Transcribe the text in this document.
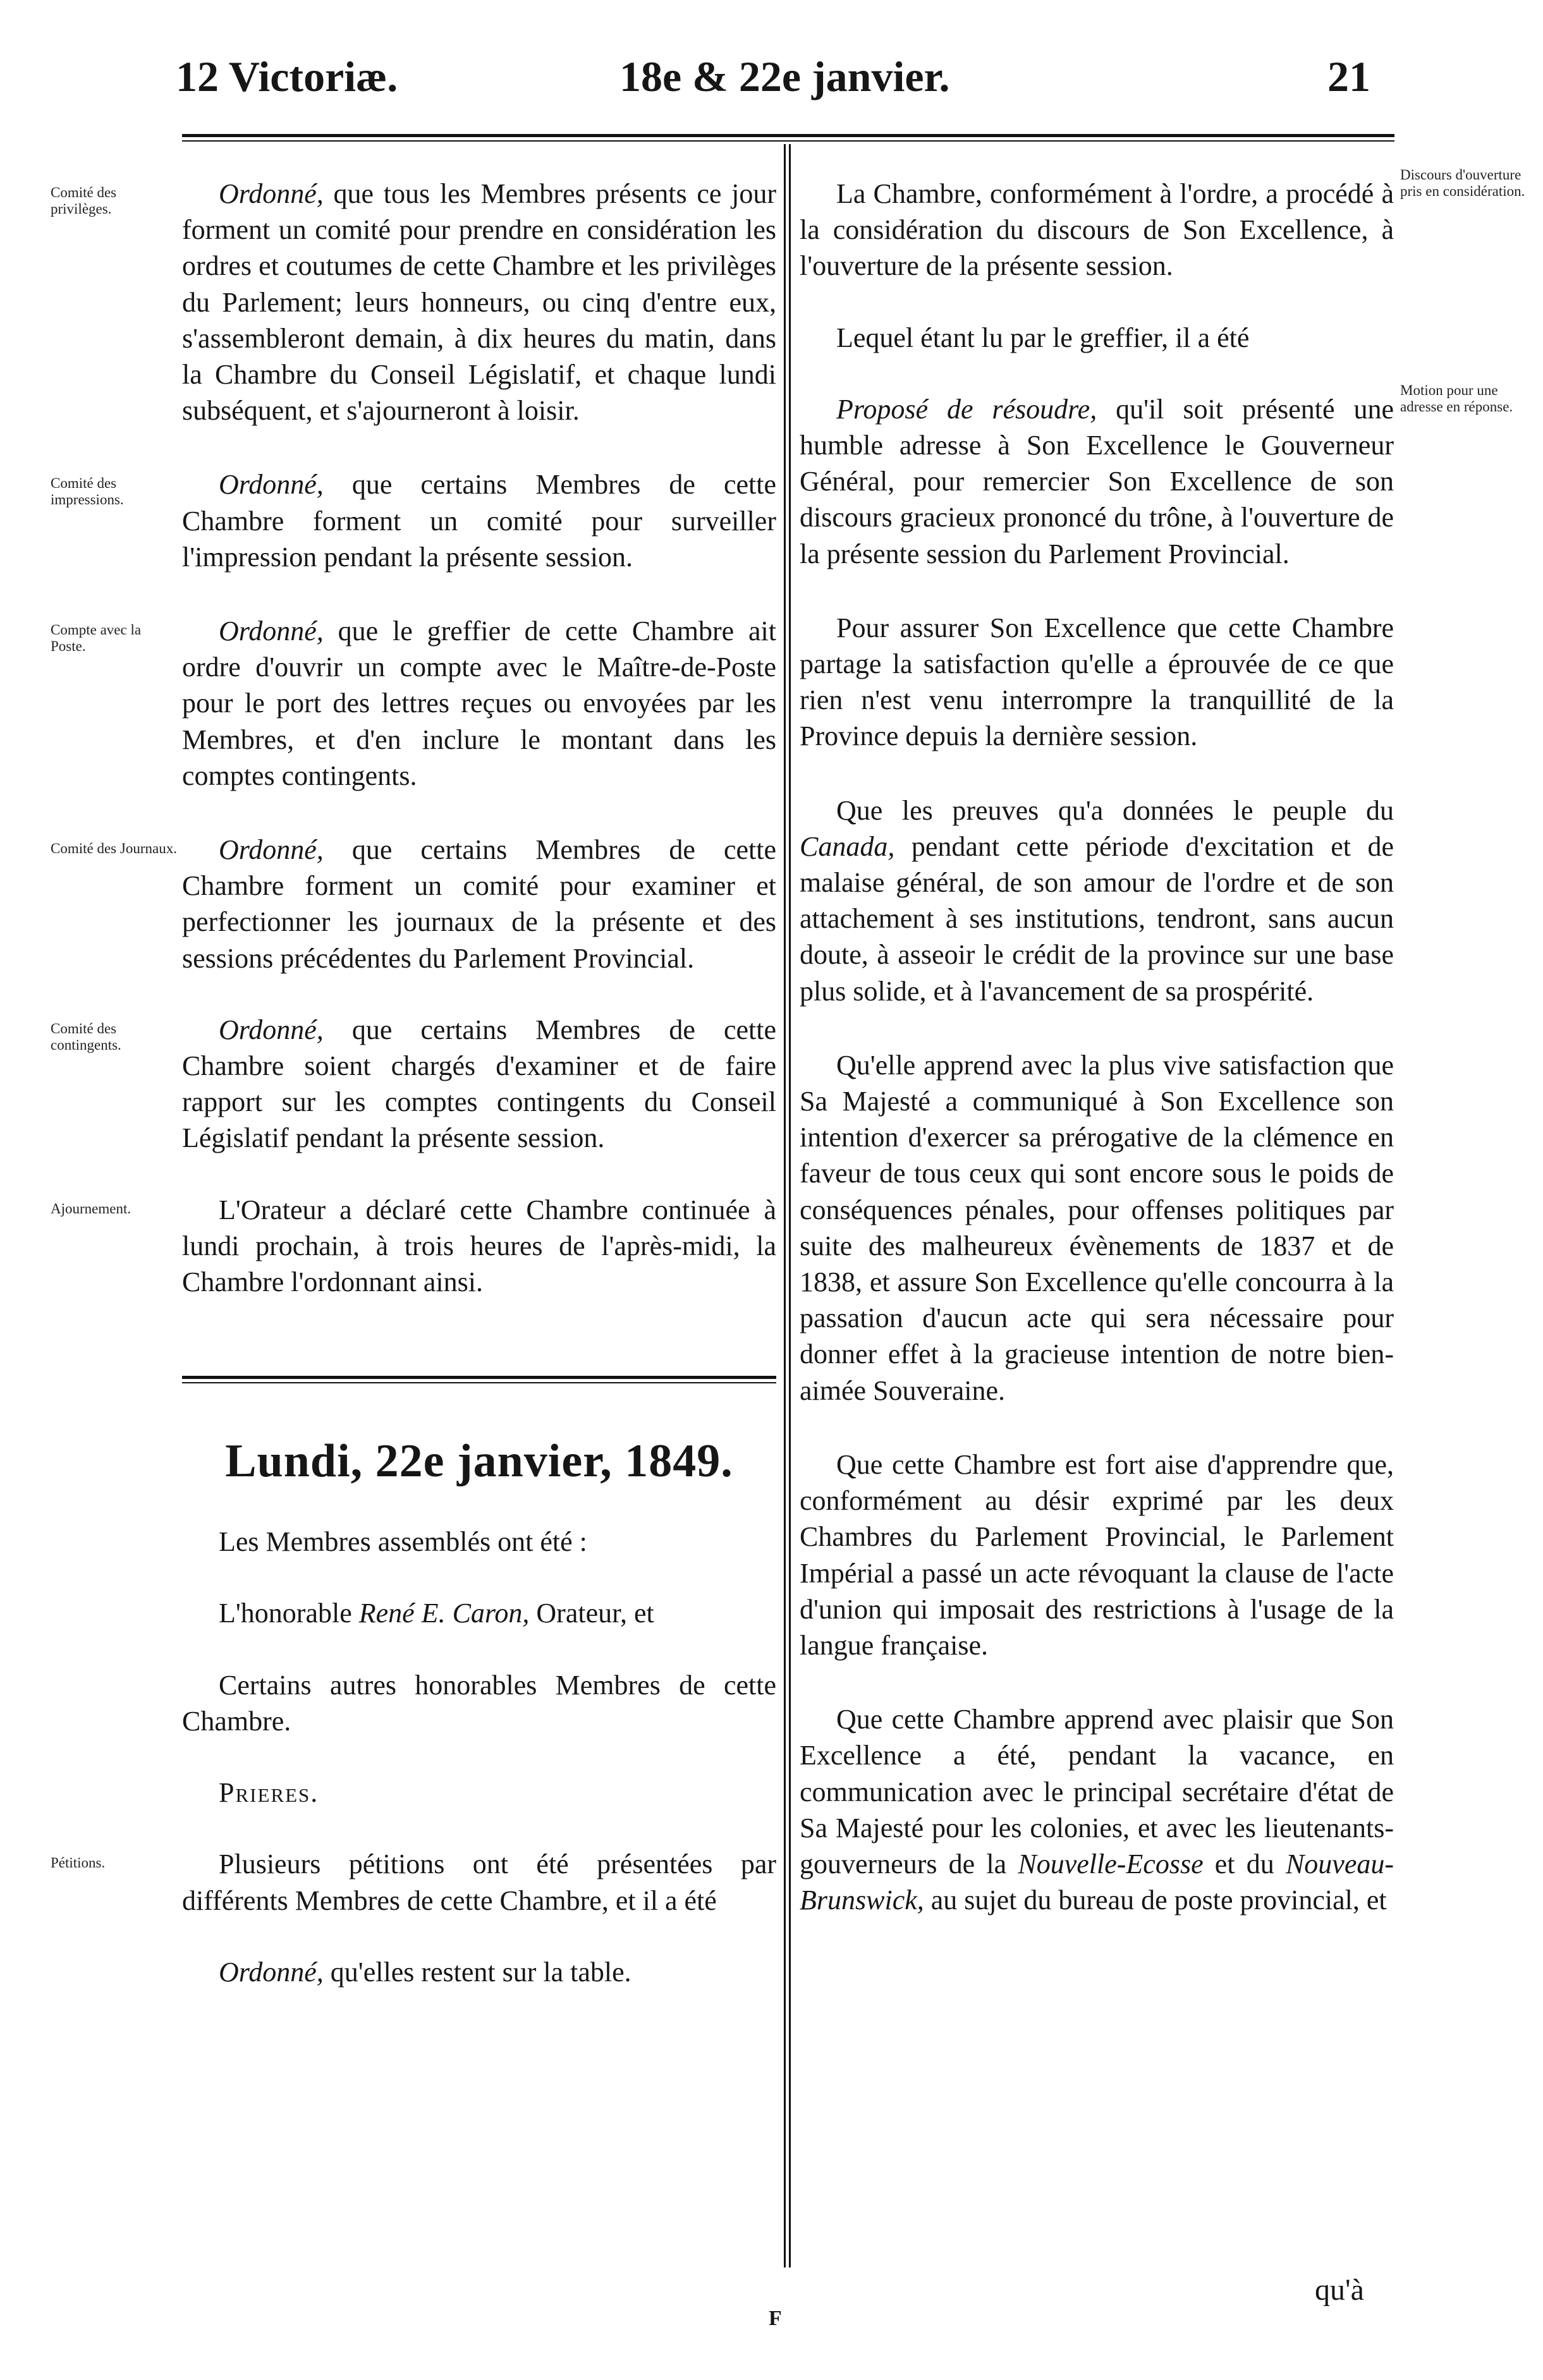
12 Victoriæ.	18e & 22e janvier.	21

Comité des privilèges.	Ordonné, que tous les Membres présents ce jour forment un comité pour prendre en considération les ordres et coutumes de cette Chambre et les privilèges du Parlement; leurs honneurs, ou cinq d'entre eux, s'assembleront demain, à dix heures du matin, dans la Chambre du Conseil Législatif, et chaque lundi subséquent, et s'ajourneront à loisir.

Comité des impressions.	Ordonné, que certains Membres de cette Chambre forment un comité pour surveiller l'impression pendant la présente session.

Compte avec la Poste.	Ordonné, que le greffier de cette Chambre ait ordre d'ouvrir un compte avec le Maître-de-Poste pour le port des lettres reçues ou envoyées par les Membres, et d'en inclure le montant dans les comptes contingents.

Comité des Journaux. Ordonné, que certains Membres de cette Chambre forment un comité pour examiner et perfectionner les journaux de la présente et des sessions précédentes du Parlement Provincial.

Comité des contingents.	Ordonné, que certains Membres de cette Chambre soient chargés d'examiner et de faire rapport sur les comptes contingents du Conseil Législatif pendant la présente session.

Ajournement.	L'Orateur a déclaré cette Chambre continuée à lundi prochain, à trois heures de l'après-midi, la Chambre l'ordonnant ainsi.

Lundi, 22e janvier, 1849.

Les Membres assemblés ont été :

L'honorable René E. Caron, Orateur, et

Certains autres honorables Membres de cette Chambre.

Prieres.

Pétitions.	Plusieurs pétitions ont été présentées par différents Membres de cette Chambre, et il a été

Ordonné, qu'elles restent sur la table.

Discours d'ouverture pris en considération.
La Chambre, conformément à l'ordre, a procédé à la considération du discours de Son Excellence, à l'ouverture de la présente session.

Lequel étant lu par le greffier, il a été

Motion pour une adresse en réponse.
Proposé de résoudre, qu'il soit présenté une humble adresse à Son Excellence le Gouverneur Général, pour remercier Son Excellence de son discours gracieux prononcé du trône, à l'ouverture de la présente session du Parlement Provincial.

Pour assurer Son Excellence que cette Chambre partage la satisfaction qu'elle a éprouvée de ce que rien n'est venu interrompre la tranquillité de la Province depuis la dernière session.

Que les preuves qu'a données le peuple du Canada, pendant cette période d'excitation et de malaise général, de son amour de l'ordre et de son attachement à ses institutions, tendront, sans aucun doute, à asseoir le crédit de la province sur une base plus solide, et à l'avancement de sa prospérité.

Qu'elle apprend avec la plus vive satisfaction que Sa Majesté a communiqué à Son Excellence son intention d'exercer sa prérogative de la clémence en faveur de tous ceux qui sont encore sous le poids de conséquences pénales, pour offenses politiques par suite des malheureux évènements de 1837 et de 1838, et assure Son Excellence qu'elle concourra à la passation d'aucun acte qui sera nécessaire pour donner effet à la gracieuse intention de notre bien-aimée Souveraine.

Que cette Chambre est fort aise d'apprendre que, conformément au désir exprimé par les deux Chambres du Parlement Provincial, le Parlement Impérial a passé un acte révoquant la clause de l'acte d'union qui imposait des restrictions à l'usage de la langue française.

Que cette Chambre apprend avec plaisir que Son Excellence a été, pendant la vacance, en communication avec le principal secrétaire d'état de Sa Majesté pour les colonies, et avec les lieutenants-gouverneurs de la Nouvelle-Ecosse et du Nouveau-Brunswick, au sujet du bureau de poste provincial, et

qu'à
F
